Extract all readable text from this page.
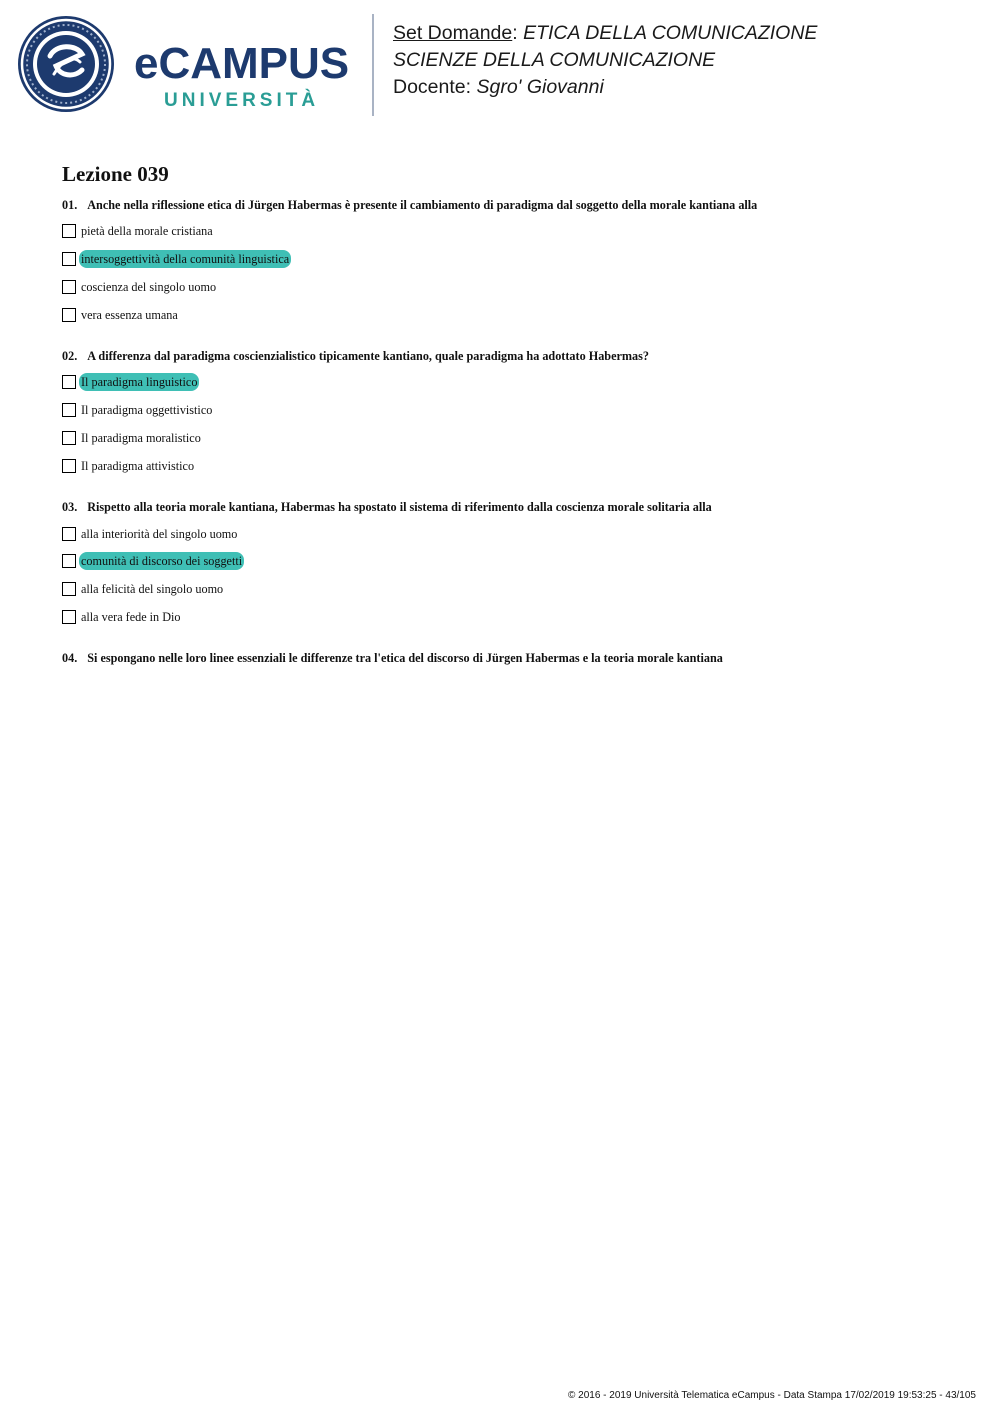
eCAMPUS
UNIVERSITÀ
Set Domande: ETICA DELLA COMUNICAZIONE
SCIENZE DELLA COMUNICAZIONE
Docente: Sgro' Giovanni
Lezione 039
01. Anche nella riflessione etica di Jürgen Habermas è presente il cambiamento di paradigma dal soggetto della morale kantiana alla
pietà della morale cristiana
intersoggettività della comunità linguistica
coscienza del singolo uomo
vera essenza umana
02. A differenza dal paradigma coscienzialistico tipicamente kantiano, quale paradigma ha adottato Habermas?
Il paradigma linguistico
Il paradigma oggettivistico
Il paradigma moralistico
Il paradigma attivistico
03. Rispetto alla teoria morale kantiana, Habermas ha spostato il sistema di riferimento dalla coscienza morale solitaria alla
alla interiorità del singolo uomo
comunità di discorso dei soggetti
alla felicità del singolo uomo
alla vera fede in Dio
04. Si espongano nelle loro linee essenziali le differenze tra l'etica del discorso di Jürgen Habermas e la teoria morale kantiana
© 2016 - 2019 Università Telematica eCampus - Data Stampa 17/02/2019 19:53:25 - 43/105
